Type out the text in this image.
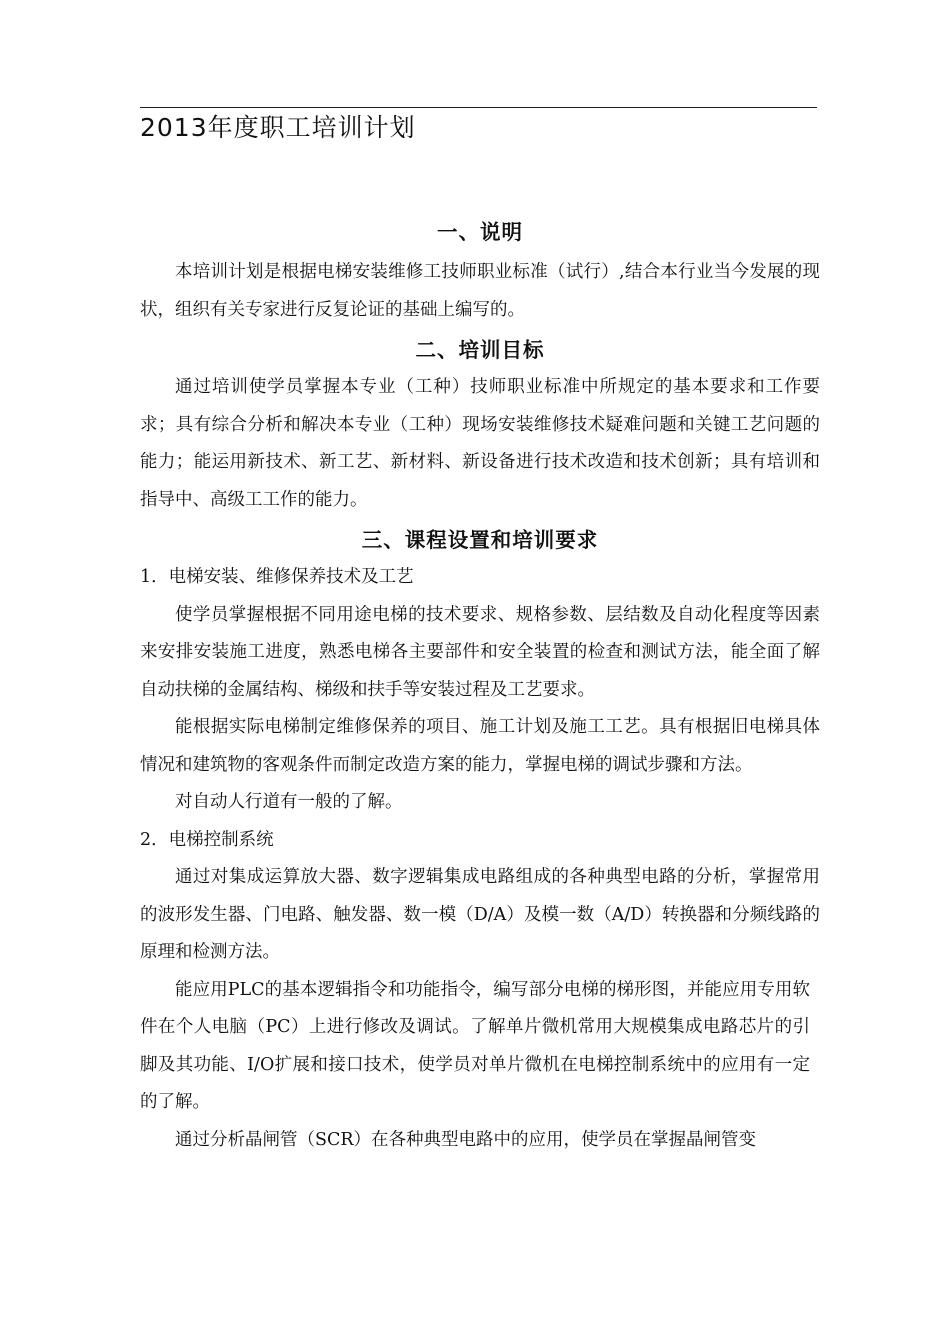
2013年度职工培训计划
一、说明

本培训计划是根据电梯安装维修工技师职业标准（试行）,结合本行业当今发展的现状，组织有关专家进行反复论证的基础上编写的。

二、培训目标

通过培训使学员掌握本专业（工种）技师职业标准中所规定的基本要求和工作要求；具有综合分析和解决本专业（工种）现场安装维修技术疑难问题和关键工艺问题的能力；能运用新技术、新工艺、新材料、新设备进行技术改造和技术创新；具有培训和指导中、高级工工作的能力。

三、课程设置和培训要求

1．电梯安装、维修保养技术及工艺

使学员掌握根据不同用途电梯的技术要求、规格参数、层结数及自动化程度等因素来安排安装施工进度，熟悉电梯各主要部件和安全装置的检查和测试方法，能全面了解自动扶梯的金属结构、梯级和扶手等安装过程及工艺要求。

能根据实际电梯制定维修保养的项目、施工计划及施工工艺。具有根据旧电梯具体情况和建筑物的客观条件而制定改造方案的能力，掌握电梯的调试步骤和方法。

对自动人行道有一般的了解。

2．电梯控制系统

通过对集成运算放大器、数字逻辑集成电路组成的各种典型电路的分析，掌握常用的波形发生器、门电路、触发器、数一模（D/A）及模一数（A/D）转换器和分频线路的原理和检测方法。

能应用PLC的基本逻辑指令和功能指令，编写部分电梯的梯形图，并能应用专用软件在个人电脑（PC）上进行修改及调试。了解单片微机常用大规模集成电路芯片的引脚及其功能、I/O扩展和接口技术，使学员对单片微机在电梯控制系统中的应用有一定的了解。

通过分析晶闸管（SCR）在各种典型电路中的应用，使学员在掌握晶闸管变
